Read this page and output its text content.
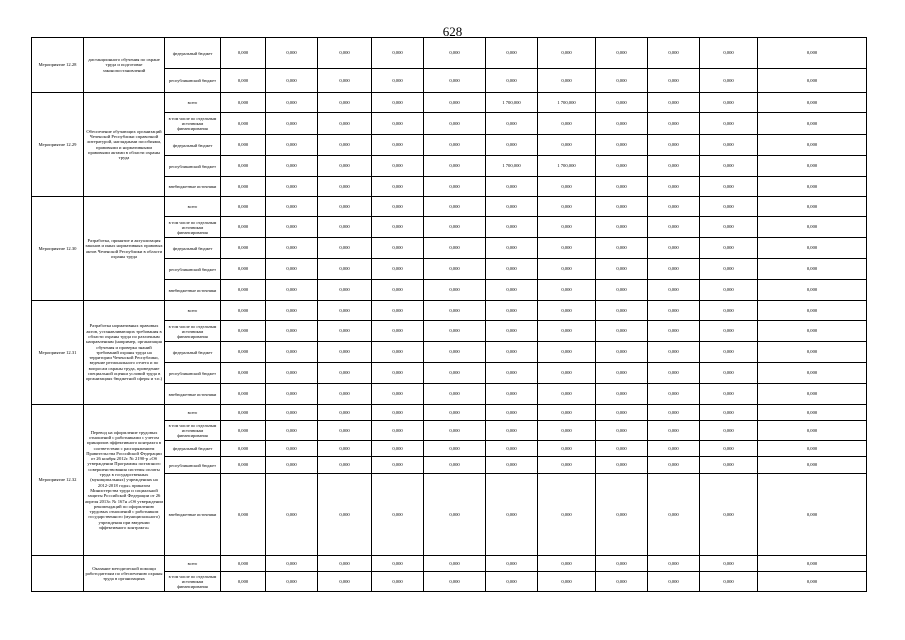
628
Мероприятие 12.28	дистанционного обучения по охране труда и подготовке законопостановлений	федеральный бюджет	0,000	0,000	0,000	0,000	0,000	0,000	0,000	0,000	0,000	0,000	0,000
		республиканский бюджет	0,000	0,000	0,000	0,000	0,000	0,000	0,000	0,000	0,000	0,000	0,000
Мероприятие 12.29	Обеспечение обучающих организаций Чеченской Республики справочной литературой, наглядными пособиями, правовыми и нормативными правовыми актами в области охраны труда	всего	0,000	0,000	0,000	0,000	0,000	1 700,000	1 700,000	0,000	0,000	0,000	0,000
		в том числе по отдельным источникам финансирования	0,000	0,000	0,000	0,000	0,000	0,000	0,000	0,000	0,000	0,000	0,000
		федеральный бюджет	0,000	0,000	0,000	0,000	0,000	0,000	0,000	0,000	0,000	0,000	0,000
		республиканский бюджет	0,000	0,000	0,000	0,000	0,000	1 700,000	1 700,000	0,000	0,000	0,000	0,000
		внебюджетные источники	0,000	0,000	0,000	0,000	0,000	0,000	0,000	0,000	0,000	0,000	0,000
Мероприятие 12.30	Разработка, принятие и актуализация законов и иных нормативных правовых актов Чеченской Республики в области охраны труда	всего	0,000	0,000	0,000	0,000	0,000	0,000	0,000	0,000	0,000	0,000	0,000
		в том числе по отдельным источникам финансирования	0,000	0,000	0,000	0,000	0,000	0,000	0,000	0,000	0,000	0,000	0,000
		федеральный бюджет	0,000	0,000	0,000	0,000	0,000	0,000	0,000	0,000	0,000	0,000	0,000
		республиканский бюджет	0,000	0,000	0,000	0,000	0,000	0,000	0,000	0,000	0,000	0,000	0,000
		внебюджетные источники	0,000	0,000	0,000	0,000	0,000	0,000	0,000	0,000	0,000	0,000	0,000
Мероприятие 12.31	Разработка нормативных правовых актов, устанавливающих требования в области охраны труда по различным направлениям (например, организация обучения и проверка знаний требований охраны труда на территории Чеченской Республики, ведение регионального отчета и по вопросам охраны труда, проведение специальной оценки условий труда в организациях бюджетной сферы и т.п.)	всего	0,000	0,000	0,000	0,000	0,000	0,000	0,000	0,000	0,000	0,000	0,000
		в том числе по отдельным источникам финансирования	0,000	0,000	0,000	0,000	0,000	0,000	0,000	0,000	0,000	0,000	0,000
		федеральный бюджет	0,000	0,000	0,000	0,000	0,000	0,000	0,000	0,000	0,000	0,000	0,000
		республиканский бюджет	0,000	0,000	0,000	0,000	0,000	0,000	0,000	0,000	0,000	0,000	0,000
		внебюджетные источники	0,000	0,000	0,000	0,000	0,000	0,000	0,000	0,000	0,000	0,000	0,000
Мероприятие 12.32	Перевод на оформление трудовых отношений с работниками с учетом принципов эффективного контракта в соответствии с распоряжением Правительства Российской Федерации от 26 ноября 2012г. № 2190-р «Об утверждении Программы поэтапного совершенствования системы оплаты труда в государственных (муниципальных) учреждениях на 2012-2018 годы» приказом Министерства труда и социальной защиты Российской Федерации от 26 апреля 2013г. № 167н «Об утверждении рекомендаций по оформлению трудовых отношений с работником государственного (муниципального) учреждения при введении эффективного контракта»	всего	0,000	0,000	0,000	0,000	0,000	0,000	0,000	0,000	0,000	0,000	0,000
		в том числе по отдельным источникам финансирования	0,000	0,000	0,000	0,000	0,000	0,000	0,000	0,000	0,000	0,000	0,000
		федеральный бюджет	0,000	0,000	0,000	0,000	0,000	0,000	0,000	0,000	0,000	0,000	0,000
		республиканский бюджет	0,000	0,000	0,000	0,000	0,000	0,000	0,000	0,000	0,000	0,000	0,000
		внебюджетные источники	0,000	0,000	0,000	0,000	0,000	0,000	0,000	0,000	0,000	0,000	0,000
	Оказание методической помощи работодателям по обеспечению охраны труда в организациях	всего	0,000	0,000	0,000	0,000	0,000	0,000	0,000	0,000	0,000	0,000	0,000
		в том числе по отдельным источникам финансирования	0,000	0,000	0,000	0,000	0,000	0,000	0,000	0,000	0,000	0,000	0,000
